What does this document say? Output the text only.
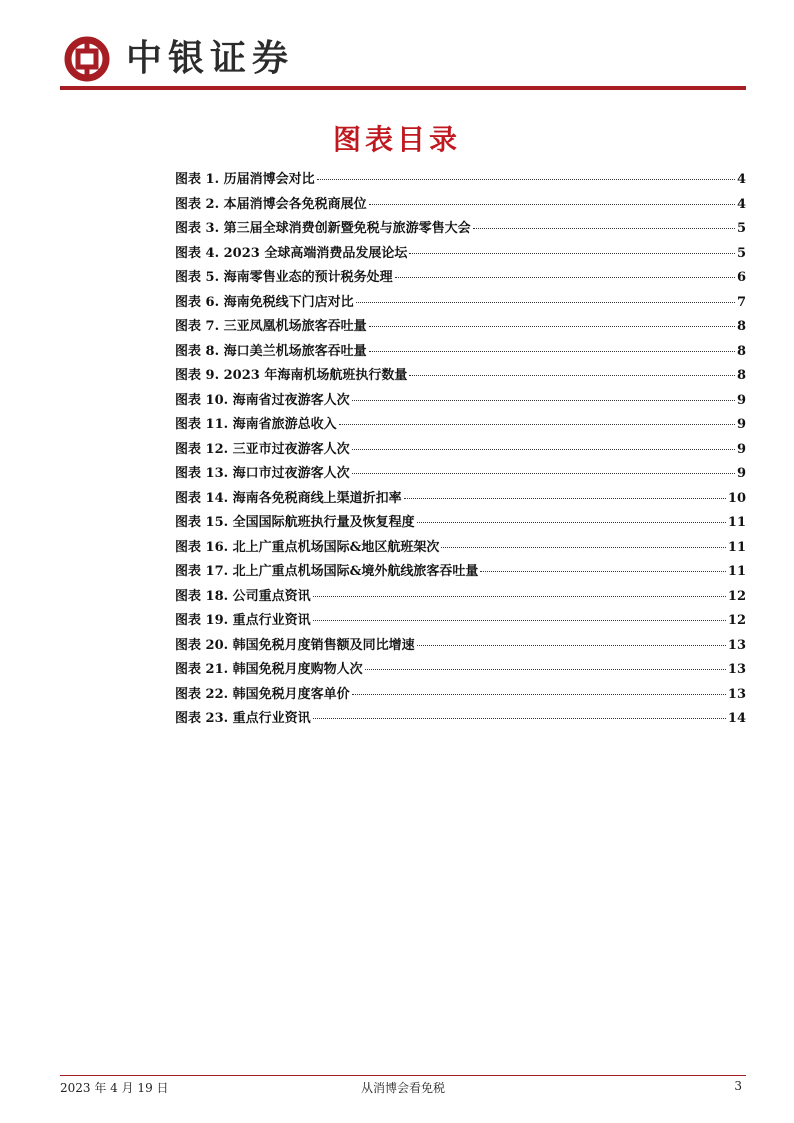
中银证券
图表目录
图表 1. 历届消博会对比	4
图表 2. 本届消博会各免税商展位	4
图表 3. 第三届全球消费创新暨免税与旅游零售大会	5
图表 4. 2023 全球高端消费品发展论坛	5
图表 5. 海南零售业态的预计税务处理	6
图表 6. 海南免税线下门店对比	7
图表 7. 三亚凤凰机场旅客吞吐量	8
图表 8. 海口美兰机场旅客吞吐量	8
图表 9. 2023 年海南机场航班执行数量	8
图表 10. 海南省过夜游客人次	9
图表 11. 海南省旅游总收入	9
图表 12. 三亚市过夜游客人次	9
图表 13. 海口市过夜游客人次	9
图表 14. 海南各免税商线上渠道折扣率	10
图表 15. 全国国际航班执行量及恢复程度	11
图表 16. 北上广重点机场国际&地区航班架次	11
图表 17. 北上广重点机场国际&境外航线旅客吞吐量	11
图表 18. 公司重点资讯	12
图表 19. 重点行业资讯	12
图表 20. 韩国免税月度销售额及同比增速	13
图表 21. 韩国免税月度购物人次	13
图表 22. 韩国免税月度客单价	13
图表 23. 重点行业资讯	14
2023 年 4 月 19 日	从消博会看免税	3
